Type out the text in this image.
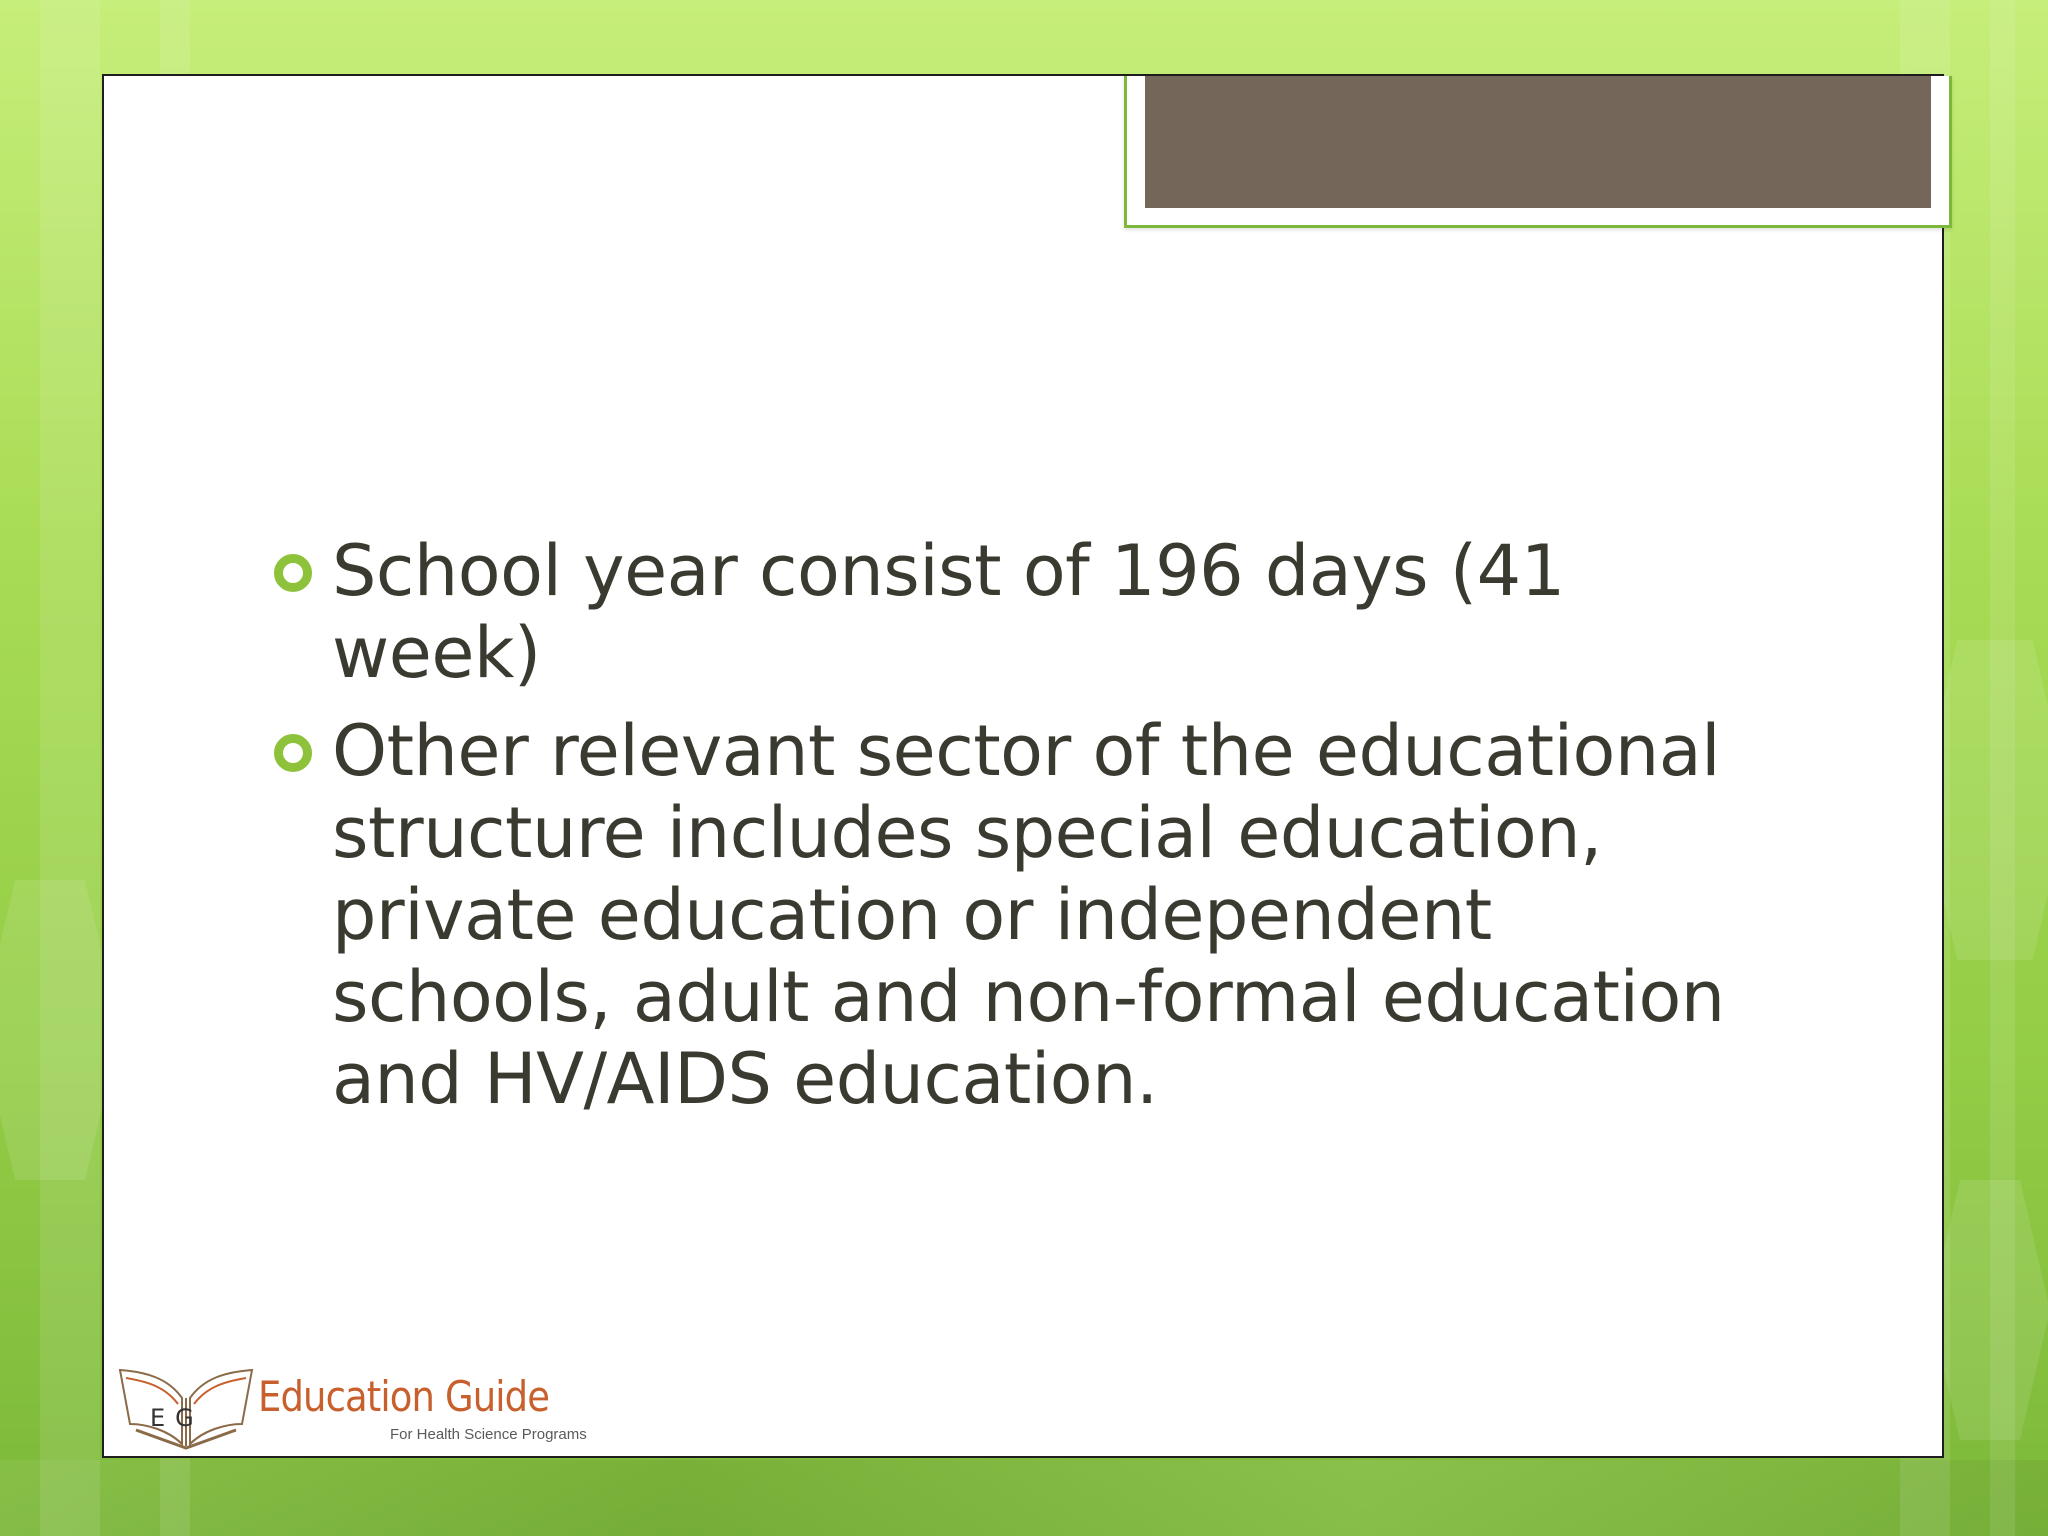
School year consist of 196 days (41 week)
Other relevant sector of the educational structure includes special education, private education or independent schools, adult and non-formal education and HV/AIDS education.
EG Education Guide
For Health Science Programs
